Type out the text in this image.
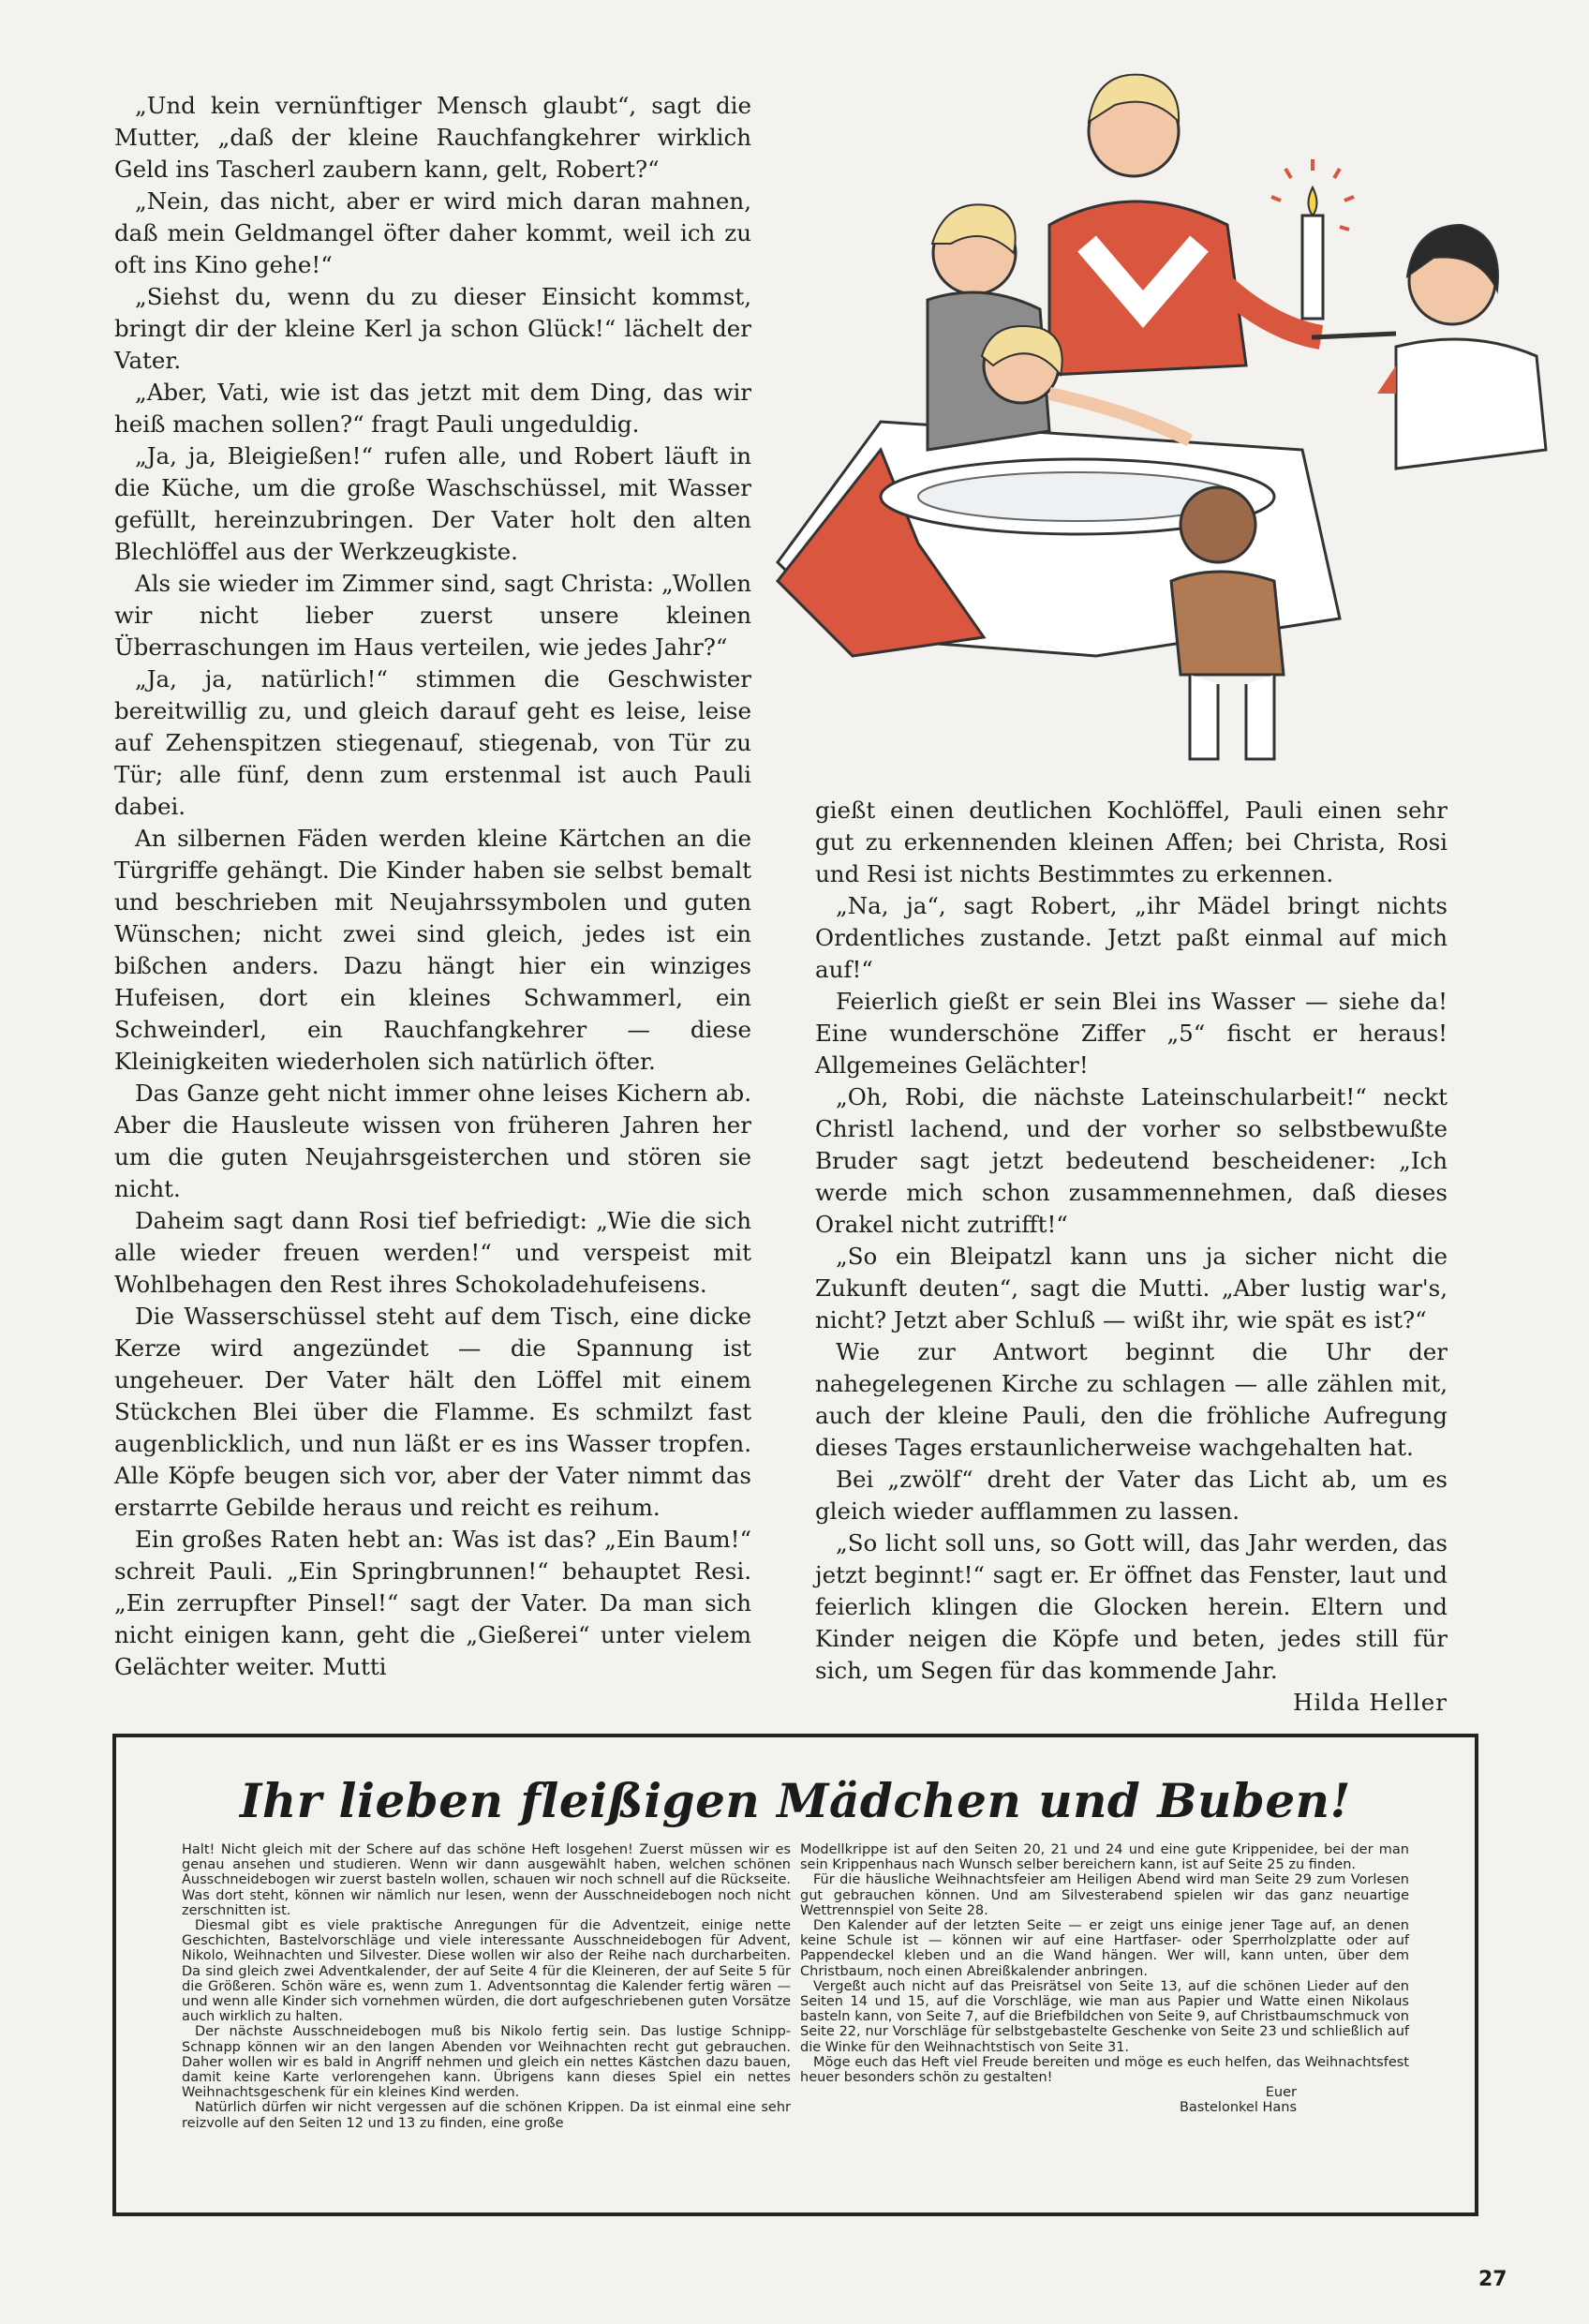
„Und kein vernünftiger Mensch glaubt“, sagt die Mutter, „daß der kleine Rauchfangkehrer wirklich Geld ins Tascherl zaubern kann, gelt, Robert?“

„Nein, das nicht, aber er wird mich daran mahnen, daß mein Geldmangel öfter daher kommt, weil ich zu oft ins Kino gehe!“

„Siehst du, wenn du zu dieser Einsicht kommst, bringt dir der kleine Kerl ja schon Glück!“ lächelt der Vater.

„Aber, Vati, wie ist das jetzt mit dem Ding, das wir heiß machen sollen?“ fragt Pauli ungeduldig.

„Ja, ja, Bleigießen!“ rufen alle, und Robert läuft in die Küche, um die große Waschschüssel, mit Wasser gefüllt, hereinzubringen. Der Vater holt den alten Blechlöffel aus der Werkzeugkiste.

Als sie wieder im Zimmer sind, sagt Christa: „Wollen wir nicht lieber zuerst unsere kleinen Überraschungen im Haus verteilen, wie jedes Jahr?“

„Ja, ja, natürlich!“ stimmen die Geschwister bereitwillig zu, und gleich darauf geht es leise, leise auf Zehenspitzen stiegenauf, stiegenab, von Tür zu Tür; alle fünf, denn zum erstenmal ist auch Pauli dabei.

An silbernen Fäden werden kleine Kärtchen an die Türgriffe gehängt. Die Kinder haben sie selbst bemalt und beschrieben mit Neujahrssymbolen und guten Wünschen; nicht zwei sind gleich, jedes ist ein bißchen anders. Dazu hängt hier ein winziges Hufeisen, dort ein kleines Schwammerl, ein Schweinderl, ein Rauchfangkehrer — diese Kleinigkeiten wiederholen sich natürlich öfter.

Das Ganze geht nicht immer ohne leises Kichern ab. Aber die Hausleute wissen von früheren Jahren her um die guten Neujahrsgeisterchen und stören sie nicht.

Daheim sagt dann Rosi tief befriedigt: „Wie die sich alle wieder freuen werden!“ und verspeist mit Wohlbehagen den Rest ihres Schokoladehufeisens.

Die Wasserschüssel steht auf dem Tisch, eine dicke Kerze wird angezündet — die Spannung ist ungeheuer. Der Vater hält den Löffel mit einem Stückchen Blei über die Flamme. Es schmilzt fast augenblicklich, und nun läßt er es ins Wasser tropfen. Alle Köpfe beugen sich vor, aber der Vater nimmt das erstarrte Gebilde heraus und reicht es reihum.

Ein großes Raten hebt an: Was ist das? „Ein Baum!“ schreit Pauli. „Ein Springbrunnen!“ behauptet Resi. „Ein zerrupfter Pinsel!“ sagt der Vater. Da man sich nicht einigen kann, geht die „Gießerei“ unter vielem Gelächter weiter. Mutti

gießt einen deutlichen Kochlöffel, Pauli einen sehr gut zu erkennenden kleinen Affen; bei Christa, Rosi und Resi ist nichts Bestimmtes zu erkennen.

„Na, ja“, sagt Robert, „ihr Mädel bringt nichts Ordentliches zustande. Jetzt paßt einmal auf mich auf!“

Feierlich gießt er sein Blei ins Wasser — siehe da! Eine wunderschöne Ziffer „5“ fischt er heraus! Allgemeines Gelächter!

„Oh, Robi, die nächste Lateinschularbeit!“ neckt Christl lachend, und der vorher so selbstbewußte Bruder sagt jetzt bedeutend bescheidener: „Ich werde mich schon zusammennehmen, daß dieses Orakel nicht zutrifft!“

„So ein Bleipatzl kann uns ja sicher nicht die Zukunft deuten“, sagt die Mutti. „Aber lustig war's, nicht? Jetzt aber Schluß — wißt ihr, wie spät es ist?“

Wie zur Antwort beginnt die Uhr der nahegelegenen Kirche zu schlagen — alle zählen mit, auch der kleine Pauli, den die fröhliche Aufregung dieses Tages erstaunlicherweise wachgehalten hat.

Bei „zwölf“ dreht der Vater das Licht ab, um es gleich wieder aufflammen zu lassen.

„So licht soll uns, so Gott will, das Jahr werden, das jetzt beginnt!“ sagt er. Er öffnet das Fenster, laut und feierlich klingen die Glocken herein. Eltern und Kinder neigen die Köpfe und beten, jedes still für sich, um Segen für das kommende Jahr.

Hilda Heller

Ihr lieben fleißigen Mädchen und Buben!

Halt! Nicht gleich mit der Schere auf das schöne Heft losgehen! Zuerst müssen wir es genau ansehen und studieren. Wenn wir dann ausgewählt haben, welchen schönen Ausschneidebogen wir zuerst basteln wollen, schauen wir noch schnell auf die Rückseite. Was dort steht, können wir nämlich nur lesen, wenn der Ausschneidebogen noch nicht zerschnitten ist.

Diesmal gibt es viele praktische Anregungen für die Adventzeit, einige nette Geschichten, Bastelvorschläge und viele interessante Ausschneidebogen für Advent, Nikolo, Weihnachten und Silvester. Diese wollen wir also der Reihe nach durcharbeiten. Da sind gleich zwei Adventkalender, der auf Seite 4 für die Kleineren, der auf Seite 5 für die Größeren. Schön wäre es, wenn zum 1. Adventsonntag die Kalender fertig wären — und wenn alle Kinder sich vornehmen würden, die dort aufgeschriebenen guten Vorsätze auch wirklich zu halten.

Der nächste Ausschneidebogen muß bis Nikolo fertig sein. Das lustige Schnipp-Schnapp können wir an den langen Abenden vor Weihnachten recht gut gebrauchen. Daher wollen wir es bald in Angriff nehmen und gleich ein nettes Kästchen dazu bauen, damit keine Karte verlorengehen kann. Übrigens kann dieses Spiel ein nettes Weihnachtsgeschenk für ein kleines Kind werden.

Natürlich dürfen wir nicht vergessen auf die schönen Krippen. Da ist einmal eine sehr reizvolle auf den Seiten 12 und 13 zu finden, eine große

Modellkrippe ist auf den Seiten 20, 21 und 24 und eine gute Krippenidee, bei der man sein Krippenhaus nach Wunsch selber bereichern kann, ist auf Seite 25 zu finden.

Für die häusliche Weihnachtsfeier am Heiligen Abend wird man Seite 29 zum Vorlesen gut gebrauchen können. Und am Silvesterabend spielen wir das ganz neuartige Wettrennspiel von Seite 28.

Den Kalender auf der letzten Seite — er zeigt uns einige jener Tage auf, an denen keine Schule ist — können wir auf eine Hartfaser- oder Sperrholzplatte oder auf Pappendeckel kleben und an die Wand hängen. Wer will, kann unten, über dem Christbaum, noch einen Abreißkalender anbringen.

Vergeßt auch nicht auf das Preisrätsel von Seite 13, auf die schönen Lieder auf den Seiten 14 und 15, auf die Vorschläge, wie man aus Papier und Watte einen Nikolaus basteln kann, von Seite 7, auf die Briefbildchen von Seite 9, auf Christbaumschmuck von Seite 22, nur Vorschläge für selbstgebastelte Geschenke von Seite 23 und schließlich auf die Winke für den Weihnachtstisch von Seite 31.

Möge euch das Heft viel Freude bereiten und möge es euch helfen, das Weihnachtsfest heuer besonders schön zu gestalten!

Euer

Bastelonkel Hans

27
